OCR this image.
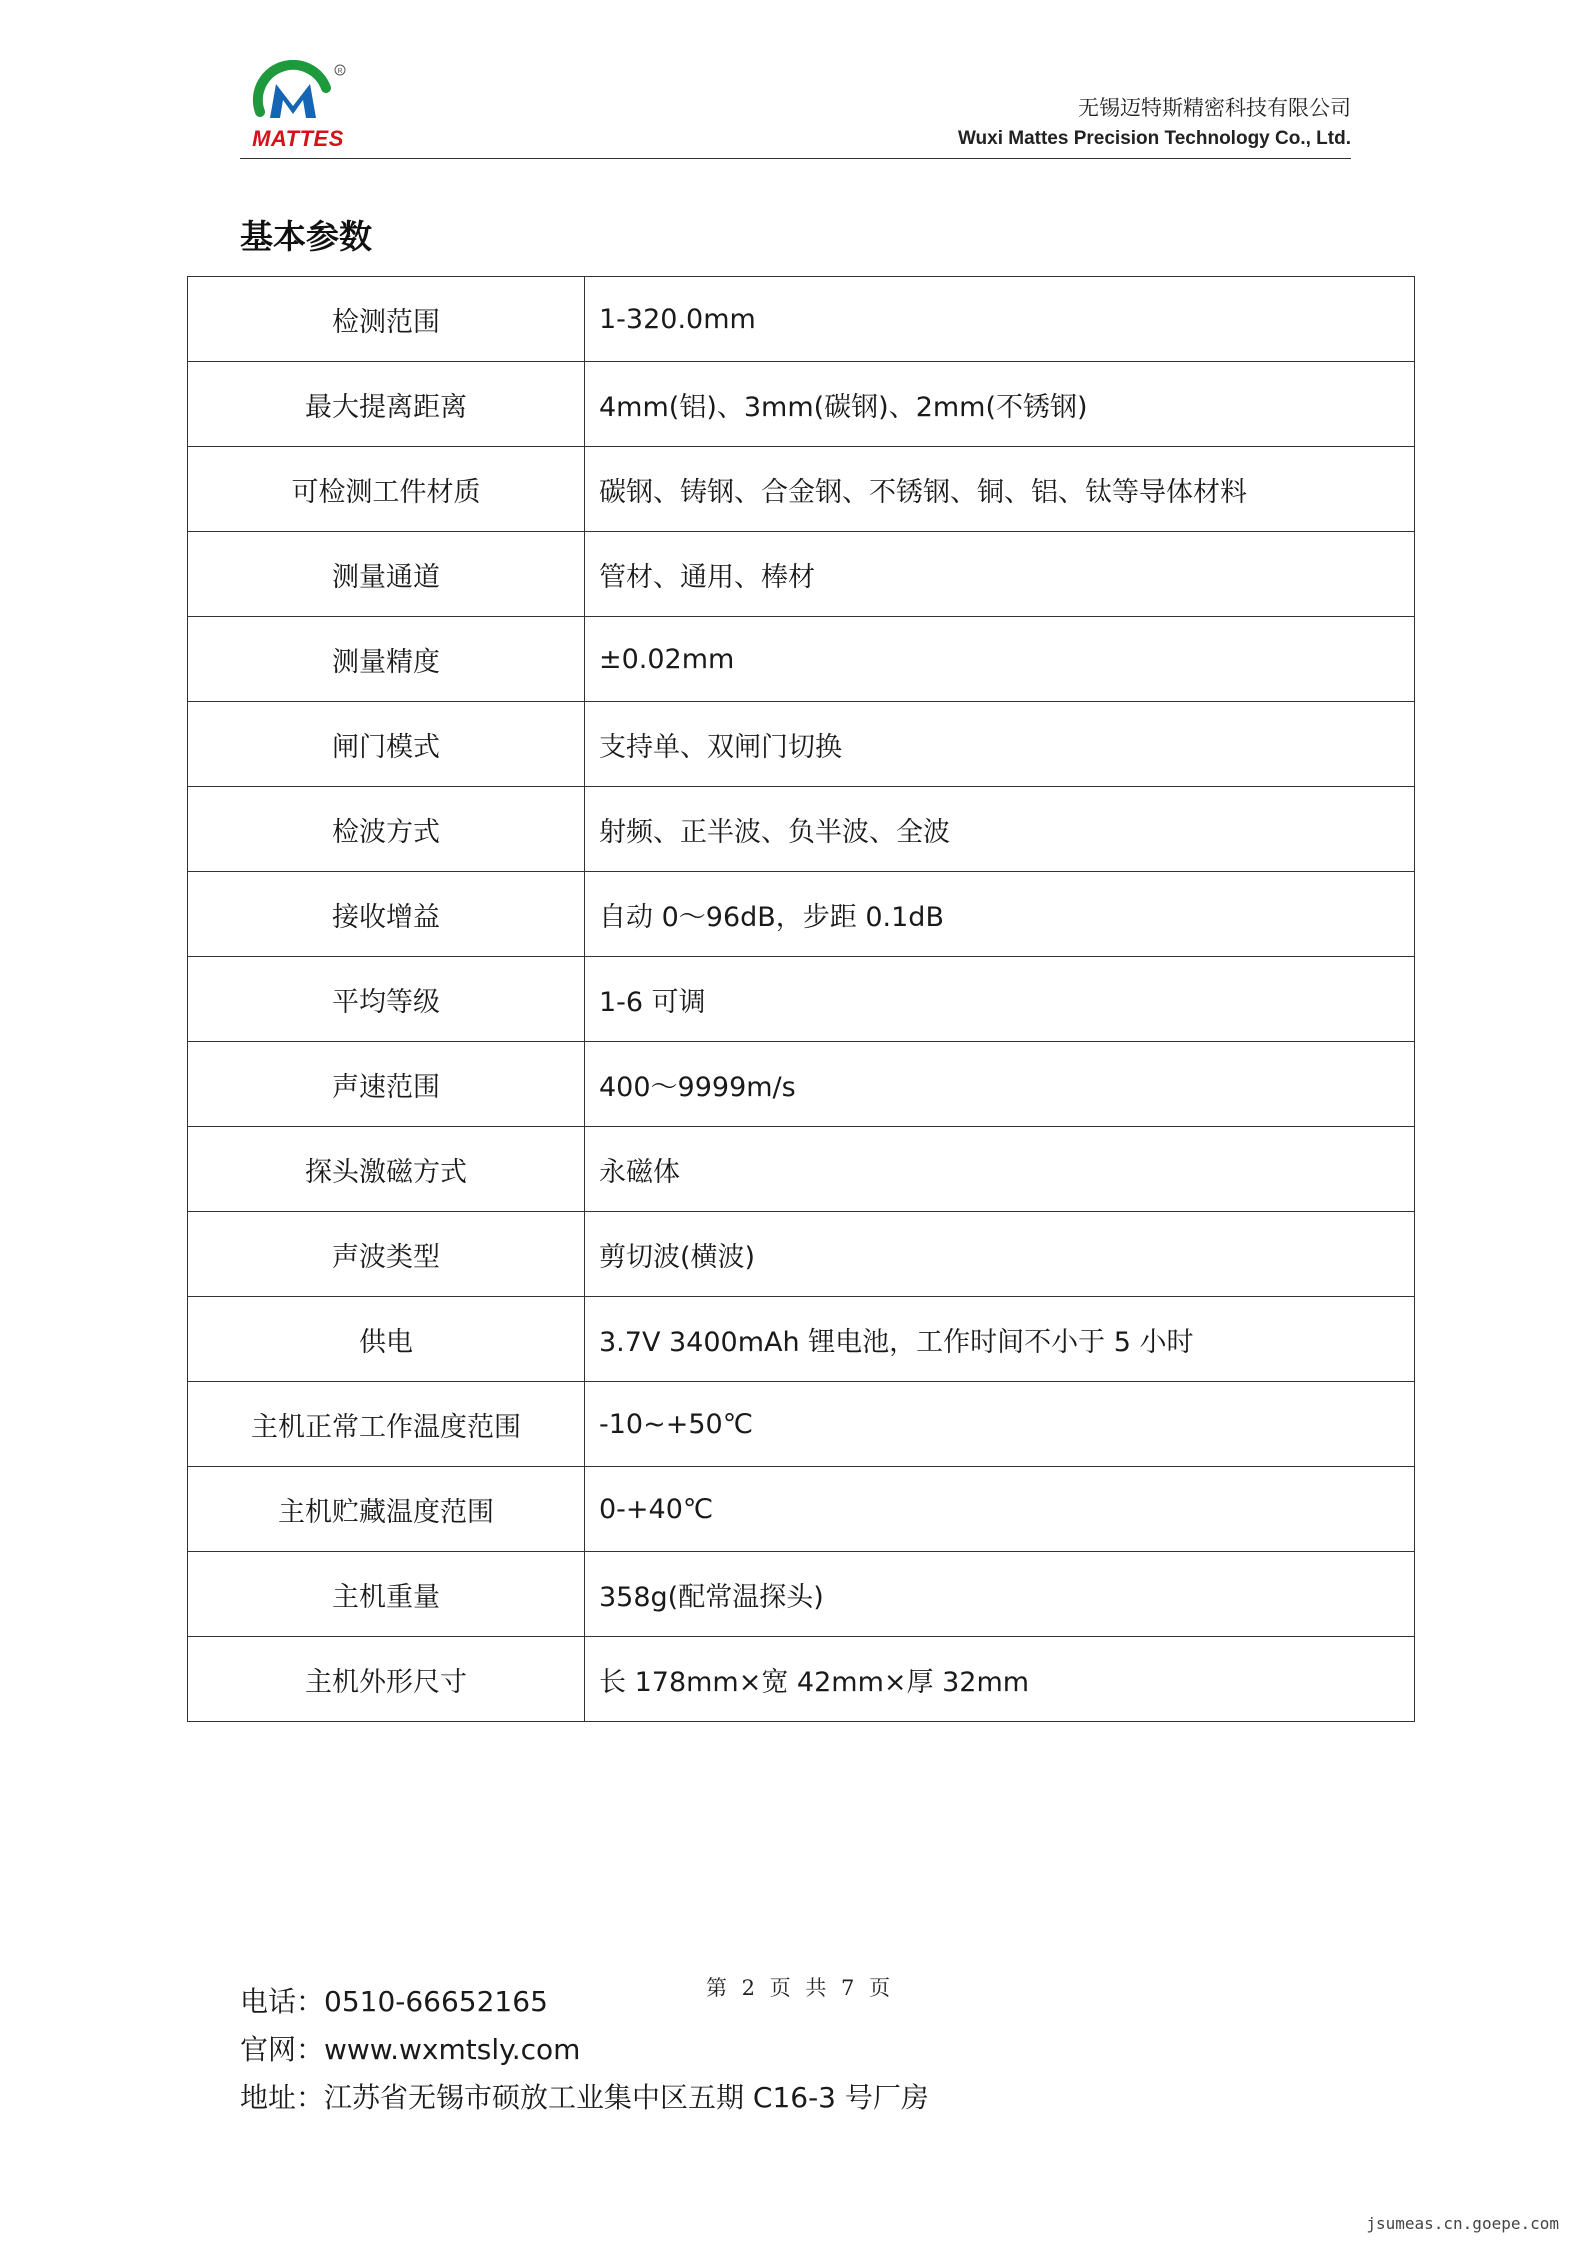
R
MATTES
无锡迈特斯精密科技有限公司
Wuxi Mattes Precision Technology Co., Ltd.
基本参数
检测范围	1-320.0mm
最大提离距离	4mm(铝)、3mm(碳钢)、2mm(不锈钢)
可检测工件材质	碳钢、铸钢、合金钢、不锈钢、铜、铝、钛等导体材料
测量通道	管材、通用、棒材
测量精度	±0.02mm
闸门模式	支持单、双闸门切换
检波方式	射频、正半波、负半波、全波
接收增益	自动 0～96dB，步距 0.1dB
平均等级	1-6 可调
声速范围	400～9999m/s
探头激磁方式	永磁体
声波类型	剪切波(横波)
供电	3.7V 3400mAh 锂电池，工作时间不小于 5 小时
主机正常工作温度范围	-10~+50℃
主机贮藏温度范围	0-+40℃
主机重量	358g(配常温探头)
主机外形尺寸	长 178mm×宽 42mm×厚 32mm
电话：0510-66652165
官网：www.wxmtsly.com
地址：江苏省无锡市硕放工业集中区五期 C16-3 号厂房
第 2 页 共 7 页
jsumeas.cn.goepe.com
